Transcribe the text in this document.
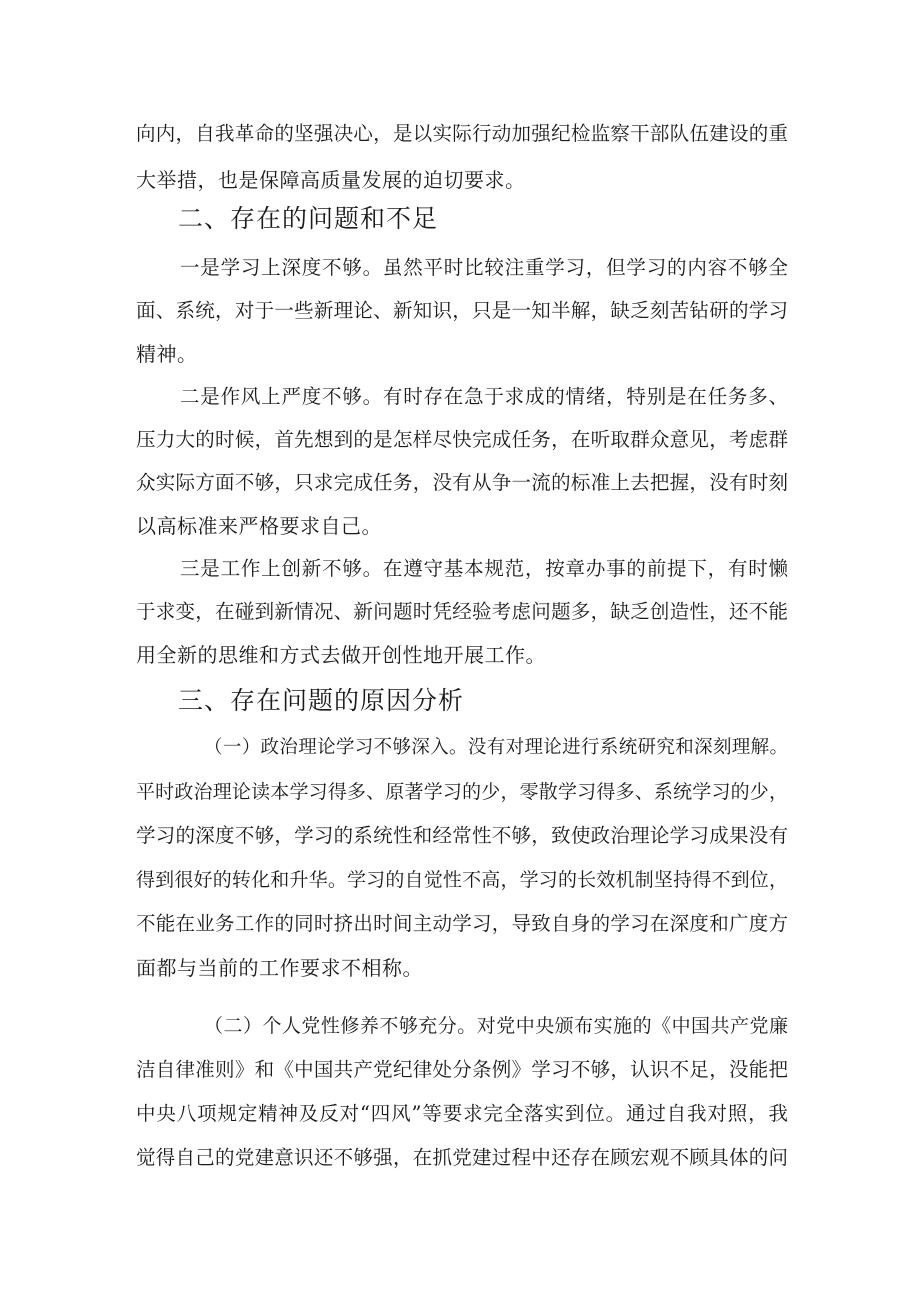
向内，自我革命的坚强决心，是以实际行动加强纪检监察干部队伍建设的重
大举措，也是保障高质量发展的迫切要求。
二、存在的问题和不足
一是学习上深度不够。虽然平时比较注重学习，但学习的内容不够全
面、系统，对于一些新理论、新知识，只是一知半解，缺乏刻苦钻研的学习
精神。
二是作风上严度不够。有时存在急于求成的情绪，特别是在任务多、
压力大的时候，首先想到的是怎样尽快完成任务，在听取群众意见，考虑群
众实际方面不够，只求完成任务，没有从争一流的标准上去把握，没有时刻
以高标准来严格要求自己。
三是工作上创新不够。在遵守基本规范，按章办事的前提下，有时懒
于求变，在碰到新情况、新问题时凭经验考虑问题多，缺乏创造性，还不能
用全新的思维和方式去做开创性地开展工作。
三、存在问题的原因分析
（一）政治理论学习不够深入。没有对理论进行系统研究和深刻理解。
平时政治理论读本学习得多、原著学习的少，零散学习得多、系统学习的少，
学习的深度不够，学习的系统性和经常性不够，致使政治理论学习成果没有
得到很好的转化和升华。学习的自觉性不高，学习的长效机制坚持得不到位，
不能在业务工作的同时挤出时间主动学习，导致自身的学习在深度和广度方
面都与当前的工作要求不相称。
（二）个人党性修养不够充分。对党中央颁布实施的《中国共产党廉
洁自律准则》和《中国共产党纪律处分条例》学习不够，认识不足，没能把
中央八项规定精神及反对“四风”等要求完全落实到位。通过自我对照，我
觉得自己的党建意识还不够强，在抓党建过程中还存在顾宏观不顾具体的问
